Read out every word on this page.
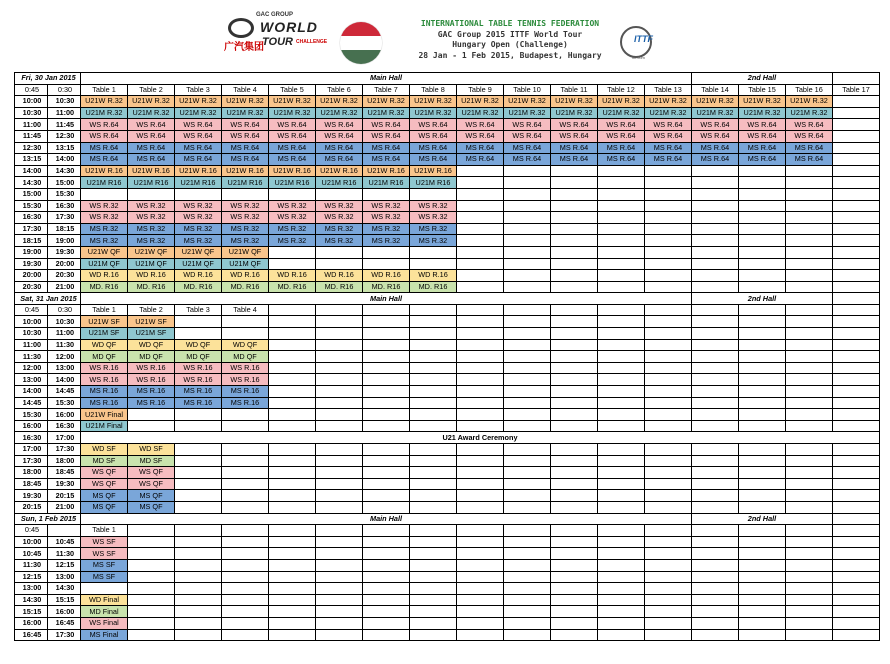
GAC GROUP
WORLD
TOUR CHALLENGE
广汽集团
INTERNATIONAL TABLE TENNIS FEDERATION
GAC Group 2015 ITTF World Tour
Hungary Open (Challenge)
28 Jan - 1 Feb 2015, Budapest, Hungary
ITTF
ittf.com
Fri, 30 Jan 2015		Main Hall													2nd Hall			
0:45	0:30	Table 1	Table 2	Table 3	Table 4	Table 5	Table 6	Table 7	Table 8	Table 9	Table 10	Table 11	Table 12	Table 13	Table 14	Table 15	Table 16	Table 17
10:00	10:30	U21W R.32	U21W R.32	U21W R.32	U21W R.32	U21W R.32	U21W R.32	U21W R.32	U21W R.32	U21W R.32	U21W R.32	U21W R.32	U21W R.32	U21W R.32	U21W R.32	U21W R.32	U21W R.32	
10:30	11:00	U21M R.32	U21M R.32	U21M R.32	U21M R.32	U21M R.32	U21M R.32	U21M R.32	U21M R.32	U21M R.32	U21M R.32	U21M R.32	U21M R.32	U21M R.32	U21M R.32	U21M R.32	U21M R.32	
11:00	11:45	WS R.64	WS R.64	WS R.64	WS R.64	WS R.64	WS R.64	WS R.64	WS R.64	WS R.64	WS R.64	WS R.64	WS R.64	WS R.64	WS R.64	WS R.64	WS R.64	
11:45	12:30	WS R.64	WS R.64	WS R.64	WS R.64	WS R.64	WS R.64	WS R.64	WS R.64	WS R.64	WS R.64	WS R.64	WS R.64	WS R.64	WS R.64	WS R.64	WS R.64	
12:30	13:15	MS R.64	MS R.64	MS R.64	MS R.64	MS R.64	MS R.64	MS R.64	MS R.64	MS R.64	MS R.64	MS R.64	MS R.64	MS R.64	MS R.64	MS R.64	MS R.64	
13:15	14:00	MS R.64	MS R.64	MS R.64	MS R.64	MS R.64	MS R.64	MS R.64	MS R.64	MS R.64	MS R.64	MS R.64	MS R.64	MS R.64	MS R.64	MS R.64	MS R.64	
14:00	14:30	U21W R.16	U21W R.16	U21W R.16	U21W R.16	U21W R.16	U21W R.16	U21W R.16	U21W R.16									
14:30	15:00	U21M R16	U21M R16	U21M R16	U21M R16	U21M R16	U21M R16	U21M R16	U21M R16									
15:00	15:30																	
15:30	16:30	WS R.32	WS R.32	WS R.32	WS R.32	WS R.32	WS R.32	WS R.32	WS R.32									
16:30	17:30	WS R.32	WS R.32	WS R.32	WS R.32	WS R.32	WS R.32	WS R.32	WS R.32									
17:30	18:15	MS R.32	MS R.32	MS R.32	MS R.32	MS R.32	MS R.32	MS R.32	MS R.32									
18:15	19:00	MS R.32	MS R.32	MS R.32	MS R.32	MS R.32	MS R.32	MS R.32	MS R.32									
19:00	19:30	U21W QF	U21W QF	U21W QF	U21W QF													
19:30	20:00	U21M QF	U21M QF	U21M QF	U21M QF													
20:00	20:30	WD R.16	WD R.16	WD R.16	WD R.16	WD R.16	WD R.16	WD R.16	WD R.16									
20:30	21:00	MD. R16	MD. R16	MD. R16	MD. R16	MD. R16	MD. R16	MD. R16	MD. R16									
Sat, 31 Jan 2015		Main Hall													2nd Hall			
0:45	0:30	Table 1	Table 2	Table 3	Table 4													
10:00	10:30	U21W SF	U21W SF															
10:30	11:00	U21M SF	U21M SF															
11:00	11:30	WD QF	WD QF	WD QF	WD QF													
11:30	12:00	MD QF	MD QF	MD QF	MD QF													
12:00	13:00	WS R.16	WS R.16	WS R.16	WS R.16													
13:00	14:00	WS R.16	WS R.16	WS R.16	WS R.16													
14:00	14:45	MS R.16	MS R.16	MS R.16	MS R.16													
14:45	15:30	MS R.16	MS R.16	MS R.16	MS R.16													
15:30	16:00	U21W Final																
16:00	16:30	U21M Final																
16:30	17:00	U21 Award Ceremony																
17:00	17:30	WD SF	WD SF															
17:30	18:00	MD SF	MD SF															
18:00	18:45	WS QF	WS QF															
18:45	19:30	WS QF	WS QF															
19:30	20:15	MS QF	MS QF															
20:15	21:00	MS QF	MS QF															
Sun, 1 Feb 2015		Main Hall													2nd Hall			
0:45		Table 1																
10:00	10:45	WS SF																
10:45	11:30	WS SF																
11:30	12:15	MS SF																
12:15	13:00	MS SF																
13:00	14:30																	
14:30	15:15	WD Final																
15:15	16:00	MD Final																
16:00	16:45	WS Final																
16:45	17:30	MS Final																
